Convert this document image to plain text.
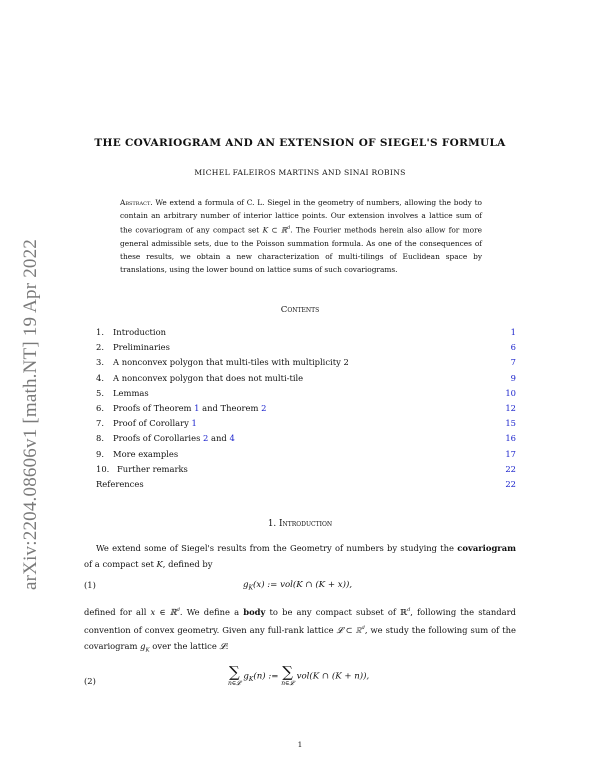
arXiv:2204.08606v1 [math.NT] 19 Apr 2022
THE COVARIOGRAM AND AN EXTENSION OF SIEGEL'S FORMULA
MICHEL FALEIROS MARTINS AND SINAI ROBINS
Abstract. We extend a formula of C. L. Siegel in the geometry of numbers, allowing the body to contain an arbitrary number of interior lattice points. Our extension involves a lattice sum of the covariogram of any compact set K ⊂ ℝ$^d$. The Fourier methods herein also allow for more general admissible sets, due to the Poisson summation formula. As one of the consequences of these results, we obtain a new characterization of multi-tilings of Euclidean space by translations, using the lower bound on lattice sums of such covariograms.
Contents
1. Introduction	1
2. Preliminaries	6
3. A nonconvex polygon that multi-tiles with multiplicity 2	7
4. A nonconvex polygon that does not multi-tile	9
5. Lemmas	10
6. Proofs of Theorem 1 and Theorem 2	12
7. Proof of Corollary 1	15
8. Proofs of Corollaries 2 and 4	16
9. More examples	17
10. Further remarks	22
References	22
1. Introduction
We extend some of Siegel's results from the Geometry of numbers by studying the covariogram of a compact set K, defined by
(1)	$g_K(x)$ := vol(K ∩ (K + x)),
defined for all x ∈ ℝ$^d$. We define a body to be any compact subset of ℝ$^d$, following the standard convention of convex geometry. Given any full-rank lattice 𝓛 ⊂ ℝ$^d$, we study the following sum of the covariogram $g_K$ over the lattice 𝓛:
(2)	∑
n∈𝓛
$g_K(n)$ := ∑
n∈𝓛
vol(K ∩ (K + n)),
1
